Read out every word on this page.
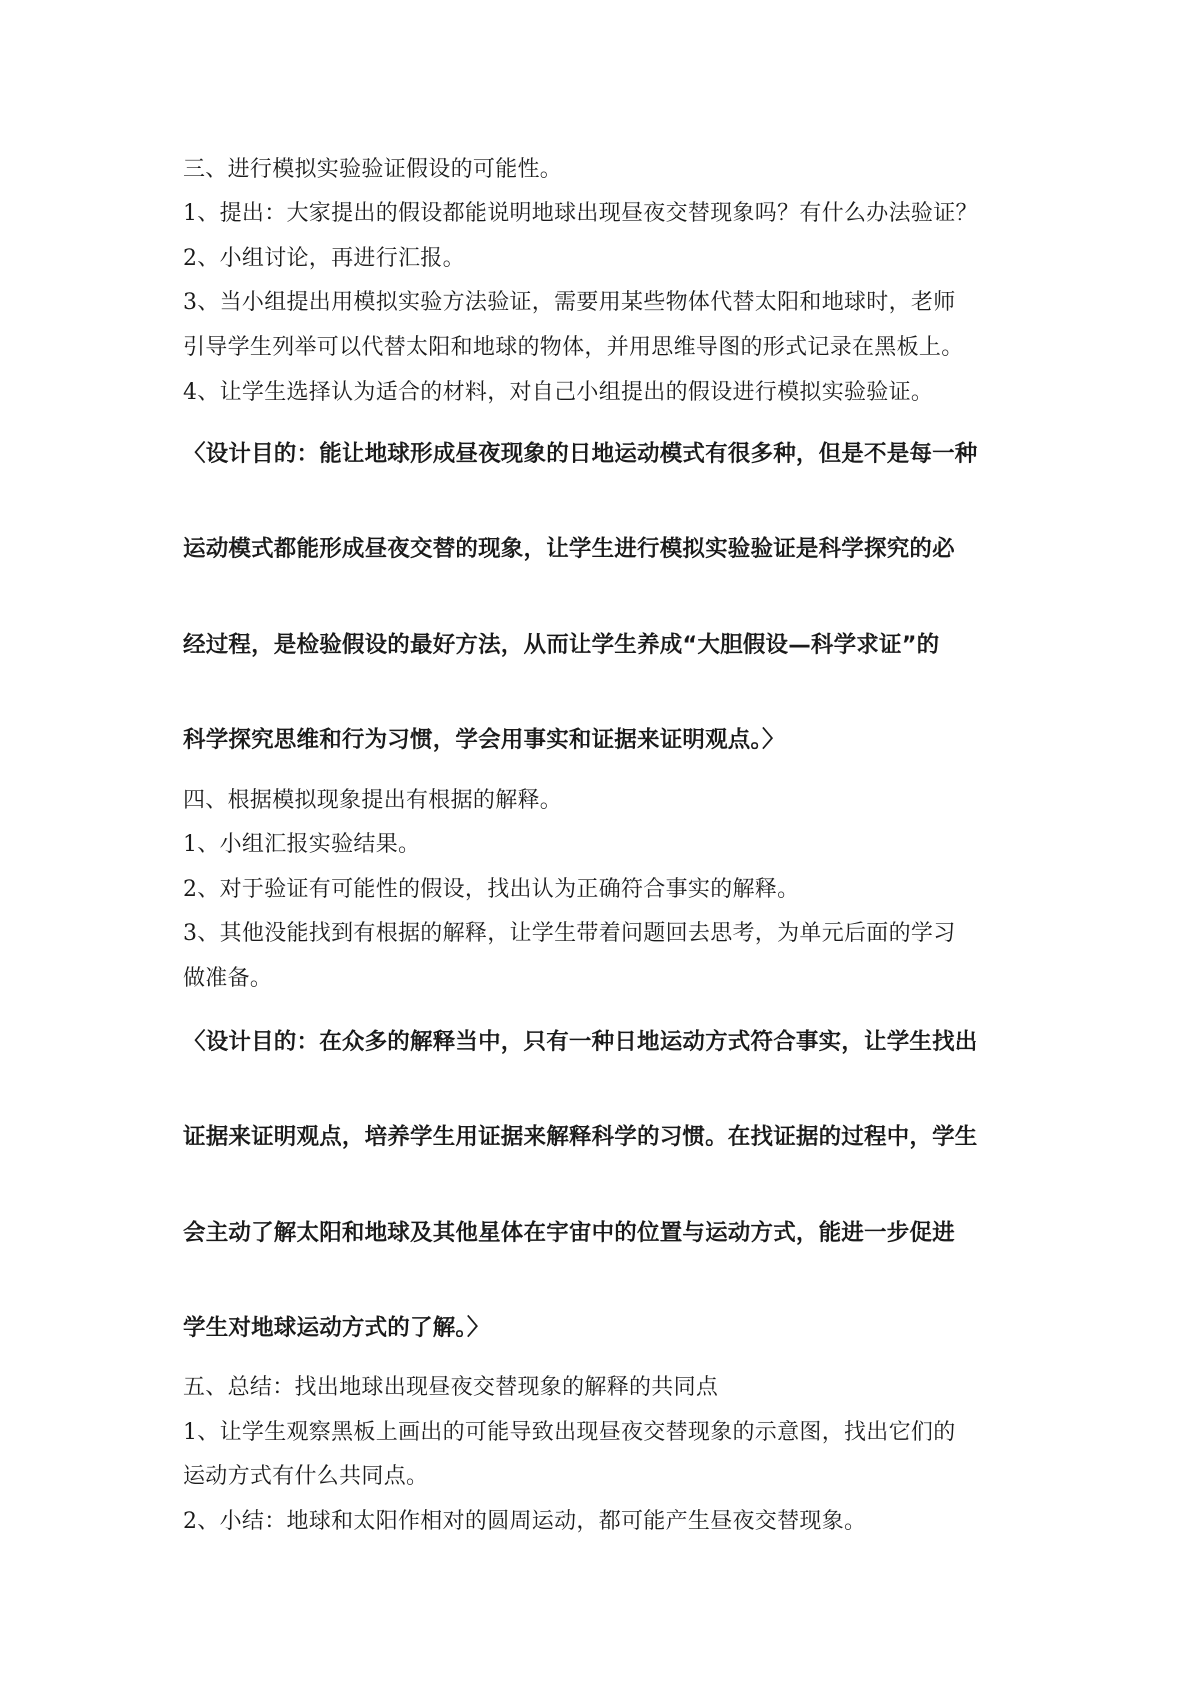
三、进行模拟实验验证假设的可能性。
1、提出：大家提出的假设都能说明地球出现昼夜交替现象吗？有什么办法验证？
2、小组讨论，再进行汇报。
3、当小组提出用模拟实验方法验证，需要用某些物体代替太阳和地球时，老师
引导学生列举可以代替太阳和地球的物体，并用思维导图的形式记录在黑板上。
4、让学生选择认为适合的材料，对自己小组提出的假设进行模拟实验验证。
〈设计目的：能让地球形成昼夜现象的日地运动模式有很多种，但是不是每一种
运动模式都能形成昼夜交替的现象，让学生进行模拟实验验证是科学探究的必
经过程，是检验假设的最好方法，从而让学生养成“大胆假设—科学求证”的
科学探究思维和行为习惯，学会用事实和证据来证明观点。〉
四、根据模拟现象提出有根据的解释。
1、小组汇报实验结果。
2、对于验证有可能性的假设，找出认为正确符合事实的解释。
3、其他没能找到有根据的解释，让学生带着问题回去思考，为单元后面的学习
做准备。
〈设计目的：在众多的解释当中，只有一种日地运动方式符合事实，让学生找出
证据来证明观点，培养学生用证据来解释科学的习惯。在找证据的过程中，学生
会主动了解太阳和地球及其他星体在宇宙中的位置与运动方式，能进一步促进
学生对地球运动方式的了解。〉
五、总结：找出地球出现昼夜交替现象的解释的共同点
1、让学生观察黑板上画出的可能导致出现昼夜交替现象的示意图，找出它们的
运动方式有什么共同点。
2、小结：地球和太阳作相对的圆周运动，都可能产生昼夜交替现象。
